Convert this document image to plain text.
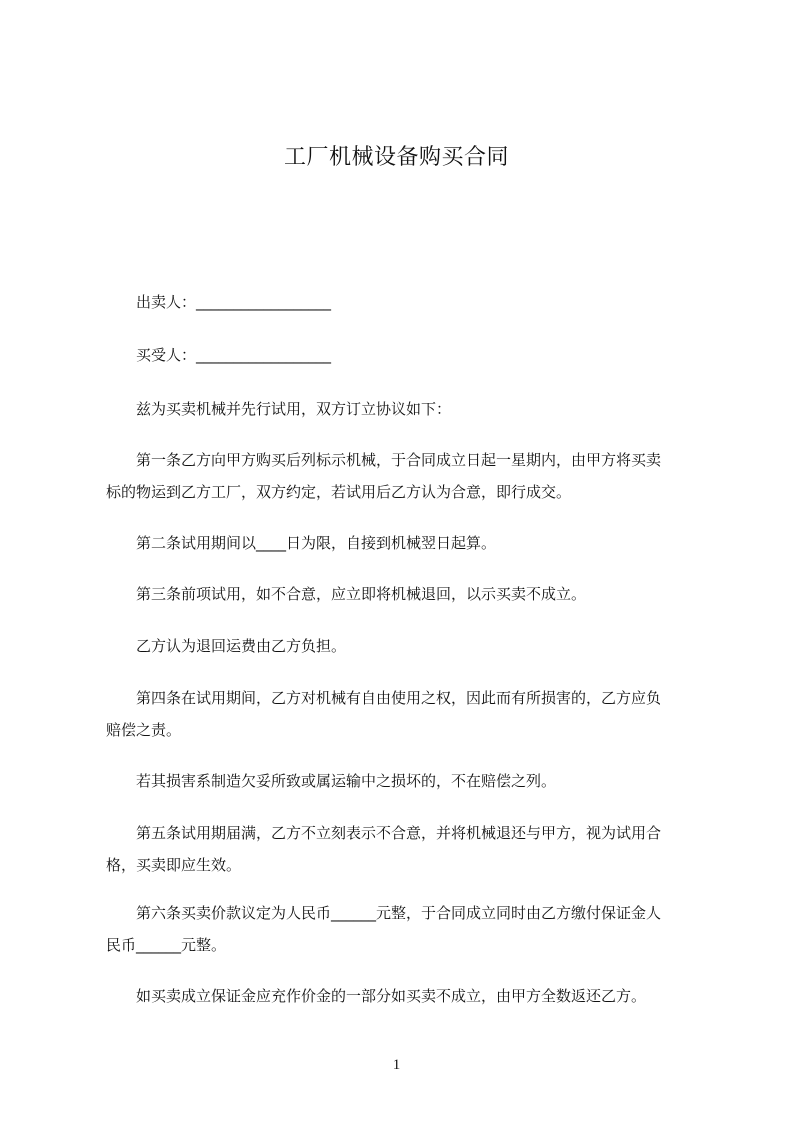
工厂机械设备购买合同
出卖人：__________________
买受人：__________________
兹为买卖机械并先行试用，双方订立协议如下：
第一条乙方向甲方购买后列标示机械，于合同成立日起一星期内，由甲方将买卖
标的物运到乙方工厂，双方约定，若试用后乙方认为合意，即行成交。
第二条试用期间以____日为限，自接到机械翌日起算。
第三条前项试用，如不合意，应立即将机械退回，以示买卖不成立。
乙方认为退回运费由乙方负担。
第四条在试用期间，乙方对机械有自由使用之权，因此而有所损害的，乙方应负
赔偿之责。
若其损害系制造欠妥所致或属运输中之损坏的，不在赔偿之列。
第五条试用期届满，乙方不立刻表示不合意，并将机械退还与甲方，视为试用合
格，买卖即应生效。
第六条买卖价款议定为人民币______元整，于合同成立同时由乙方缴付保证金人
民币______元整。
如买卖成立保证金应充作价金的一部分如买卖不成立，由甲方全数返还乙方。
1
